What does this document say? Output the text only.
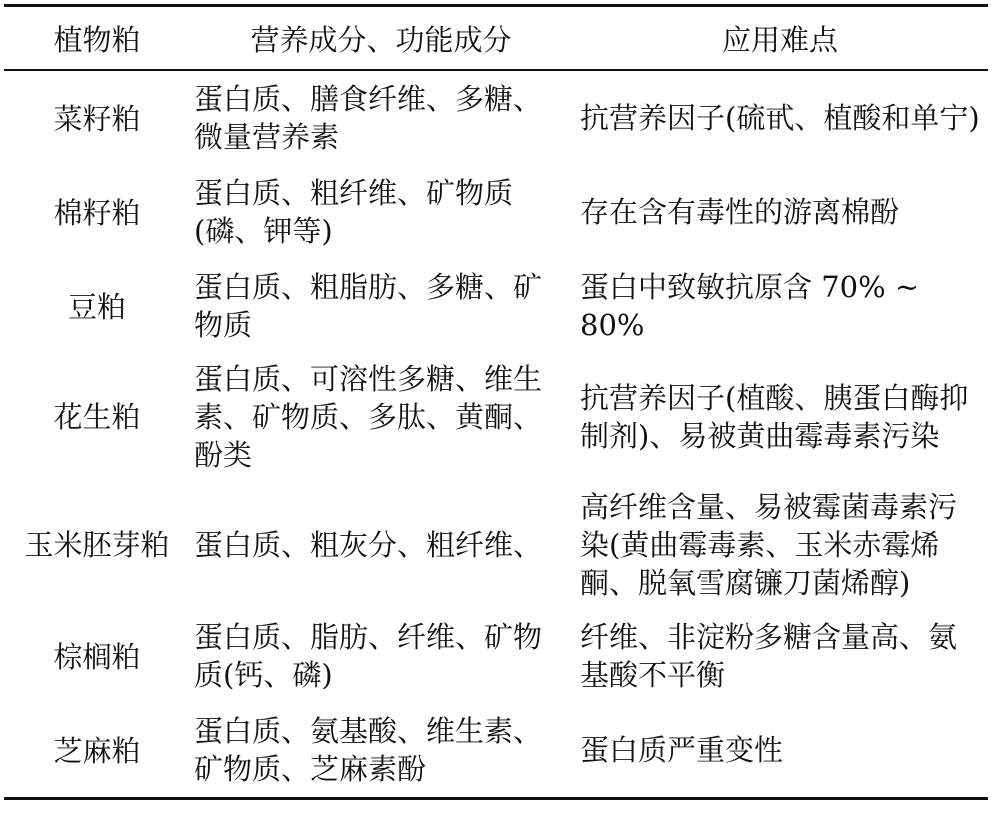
植物粕	营养成分、功能成分	应用难点
菜籽粕	蛋白质、膳食纤维、多糖、微量营养素	抗营养因子(硫甙、植酸和单宁)
棉籽粕	蛋白质、粗纤维、矿物质(磷、钾等)	存在含有毒性的游离棉酚
豆粕	蛋白质、粗脂肪、多糖、矿物质	蛋白中致敏抗原含 70% ~ 80%
花生粕	蛋白质、可溶性多糖、维生素、矿物质、多肽、黄酮、酚类	抗营养因子(植酸、胰蛋白酶抑制剂)、易被黄曲霉毒素污染
玉米胚芽粕	蛋白质、粗灰分、粗纤维、	高纤维含量、易被霉菌毒素污染(黄曲霉毒素、玉米赤霉烯酮、脱氧雪腐镰刀菌烯醇)
棕榈粕	蛋白质、脂肪、纤维、矿物质(钙、磷)	纤维、非淀粉多糖含量高、氨基酸不平衡
芝麻粕	蛋白质、氨基酸、维生素、矿物质、芝麻素酚	蛋白质严重变性
